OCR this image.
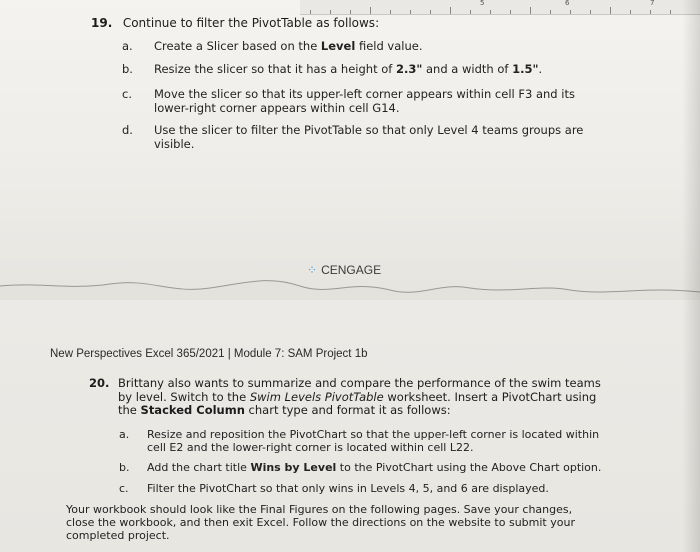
5	6	7
19. Continue to filter the PivotTable as follows:
a. Create a Slicer based on the Level field value.
b. Resize the slicer so that it has a height of 2.3" and a width of 1.5".
c. Move the slicer so that its upper-left corner appears within cell F3 and its lower-right corner appears within cell G14.
d. Use the slicer to filter the PivotTable so that only Level 4 teams groups are visible.
⁘ CENGAGE
New Perspectives Excel 365/2021 | Module 7: SAM Project 1b
20. Brittany also wants to summarize and compare the performance of the swim teams by level. Switch to the Swim Levels PivotTable worksheet. Insert a PivotChart using the Stacked Column chart type and format it as follows:
a. Resize and reposition the PivotChart so that the upper-left corner is located within cell E2 and the lower-right corner is located within cell L22.
b. Add the chart title Wins by Level to the PivotChart using the Above Chart option.
c. Filter the PivotChart so that only wins in Levels 4, 5, and 6 are displayed.
Your workbook should look like the Final Figures on the following pages. Save your changes, close the workbook, and then exit Excel. Follow the directions on the website to submit your completed project.
